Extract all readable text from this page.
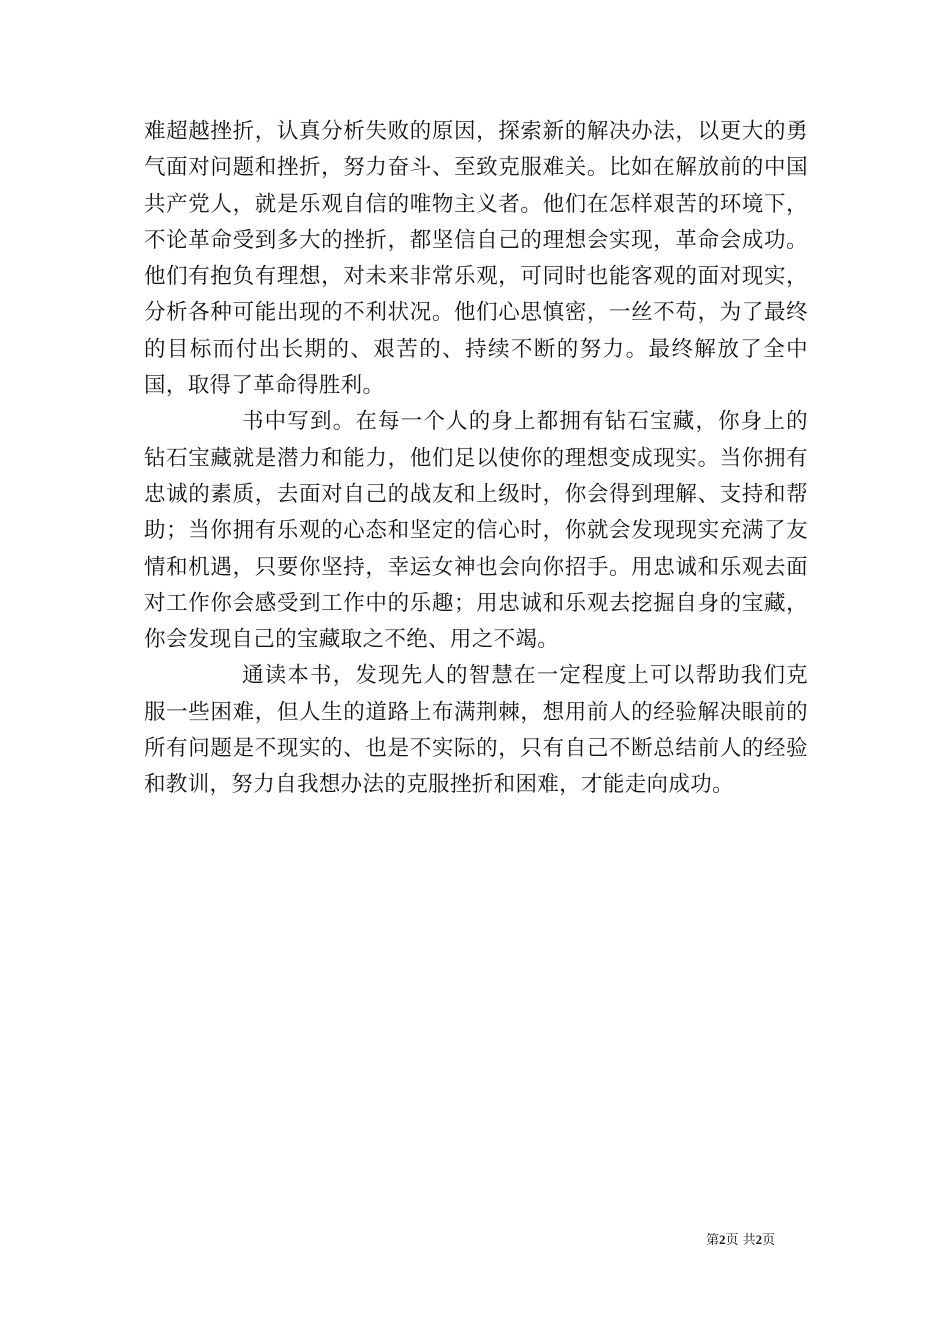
难超越挫折，认真分析失败的原因，探索新的解决办法，以更大的勇气面对问题和挫折，努力奋斗、至致克服难关。比如在解放前的中国共产党人，就是乐观自信的唯物主义者。他们在怎样艰苦的环境下，不论革命受到多大的挫折，都坚信自己的理想会实现，革命会成功。他们有抱负有理想，对未来非常乐观，可同时也能客观的面对现实，分析各种可能出现的不利状况。他们心思慎密，一丝不苟，为了最终的目标而付出长期的、艰苦的、持续不断的努力。最终解放了全中国，取得了革命得胜利。

书中写到。在每一个人的身上都拥有钻石宝藏，你身上的钻石宝藏就是潜力和能力，他们足以使你的理想变成现实。当你拥有忠诚的素质，去面对自己的战友和上级时，你会得到理解、支持和帮助；当你拥有乐观的心态和坚定的信心时，你就会发现现实充满了友情和机遇，只要你坚持，幸运女神也会向你招手。用忠诚和乐观去面对工作你会感受到工作中的乐趣；用忠诚和乐观去挖掘自身的宝藏，你会发现自己的宝藏取之不绝、用之不竭。

通读本书，发现先人的智慧在一定程度上可以帮助我们克服一些困难，但人生的道路上布满荆棘，想用前人的经验解决眼前的所有问题是不现实的、也是不实际的，只有自己不断总结前人的经验和教训，努力自我想办法的克服挫折和困难，才能走向成功。

第2页 共2页
